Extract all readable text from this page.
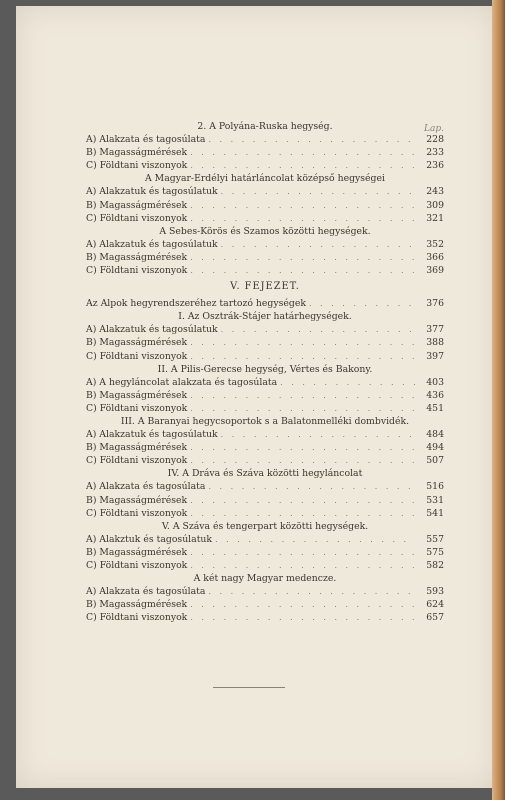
Lap.
2. A Polyána-Ruska hegység.
A) Alakzata és tagosúlata . . .	228
B) Magasságmérések . . .	233
C) Földtani viszonyok . . .	236
A Magyar-Erdélyi határláncolat középső hegységei
A) Alakzatuk és tagosúlatuk . . .	243
B) Magasságmérések . . .	309
C) Földtani viszonyok . . .	321
A Sebes-Körös és Szamos közötti hegységek.
A) Alakzatuk és tagosúlatuk . . .	352
B) Magasságmérések . . .	366
C) Földtani viszonyok . . .	369
V. FEJEZET.
Az Alpok hegyrendszeréhez tartozó hegységek . . .	376
I. Az Osztrák-Stájer határhegységek.
A) Alakzatuk és tagosúlatuk . . .	377
B) Magasságmérések . . .	388
C) Földtani viszonyok . . .	397
II. A Pilis-Gerecse hegység, Vértes és Bakony.
A) A hegyláncolat alakzata és tagosúlata . . .	403
B) Magasságmérések . . .	436
C) Földtani viszonyok . . .	451
III. A Baranyai hegycsoportok s a Balatonmelléki dombvidék.
A) Alakzatuk és tagosúlatuk . . .	484
B) Magasságmérések . . .	494
C) Földtani viszonyok . . .	507
IV. A Dráva és Száva közötti hegyláncolat
A) Alakzata és tagosúlata . . .	516
B) Magasságmérések . . .	531
C) Földtani viszonyok . . .	541
V. A Száva és tengerpart közötti hegységek.
A) Alakztuk és tagosúlatuk . . .	557
B) Magasságmérések . . .	575
C) Földtani viszonyok . . .	582
A két nagy Magyar medencze.
A) Alakzata és tagosúlata . . .	593
B) Magasságmérések . . .	624
C) Földtani viszonyok . . .	657
